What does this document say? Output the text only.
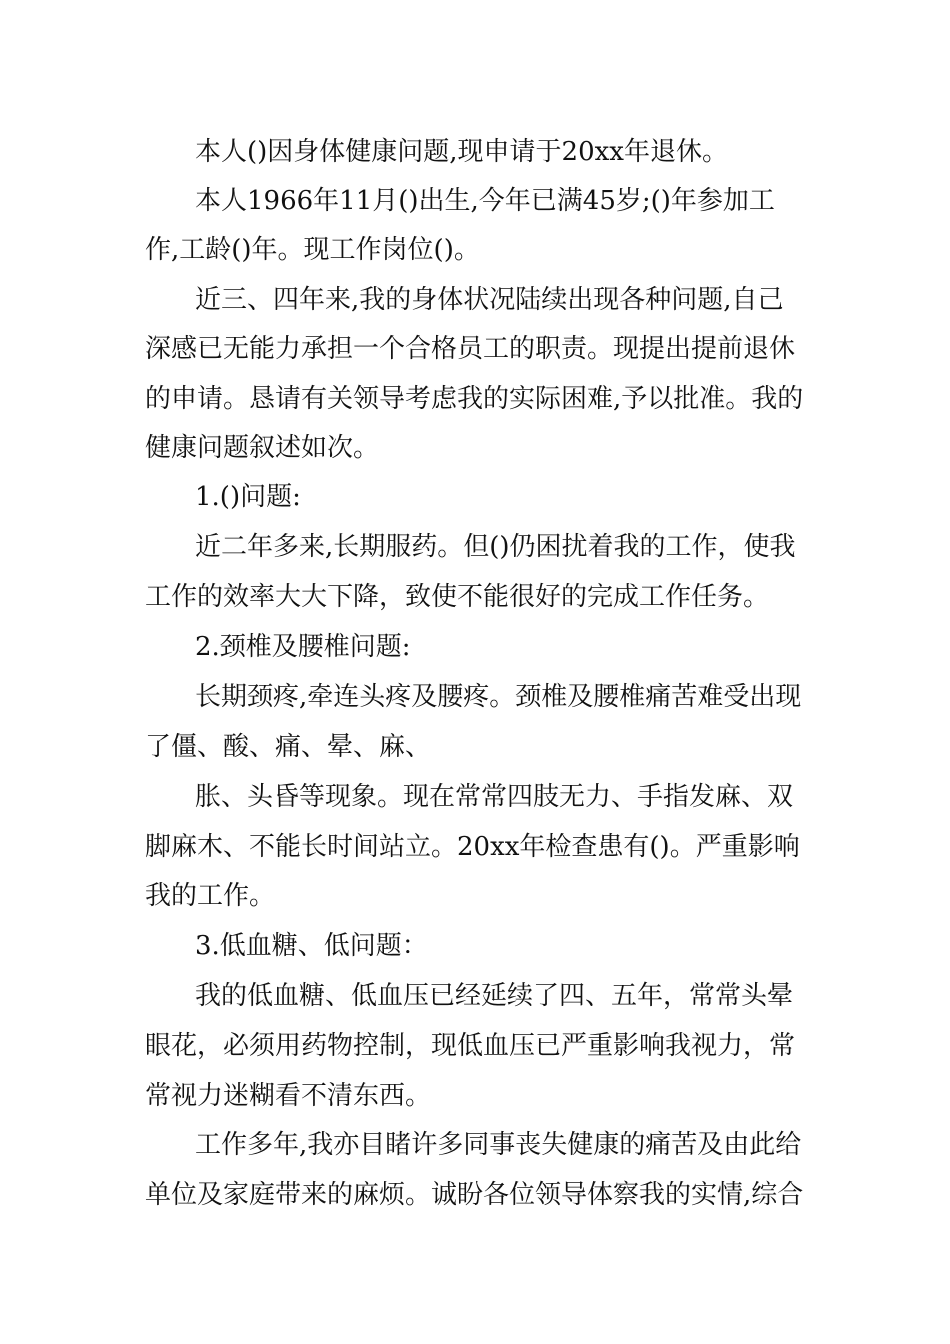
本人()因身体健康问题,现申请于20xx年退休。
本人1966年11月()出生,今年已满45岁;()年参加工
作,工龄()年。现工作岗位()。
近三、四年来,我的身体状况陆续出现各种问题,自己
深感已无能力承担一个合格员工的职责。现提出提前退休
的申请。恳请有关领导考虑我的实际困难,予以批准。我的
健康问题叙述如次。
1.()问题:
近二年多来,长期服药。但()仍困扰着我的工作，使我
工作的效率大大下降，致使不能很好的完成工作任务。
2.颈椎及腰椎问题:
长期颈疼,牵连头疼及腰疼。颈椎及腰椎痛苦难受出现
了僵、酸、痛、晕、麻、
胀、头昏等现象。现在常常四肢无力、手指发麻、双
脚麻木、不能长时间站立。20xx年检查患有()。严重影响
我的工作。
3.低血糖、低问题：
我的低血糖、低血压已经延续了四、五年，常常头晕
眼花，必须用药物控制，现低血压已严重影响我视力，常
常视力迷糊看不清东西。
工作多年,我亦目睹许多同事丧失健康的痛苦及由此给
单位及家庭带来的麻烦。诚盼各位领导体察我的实情,综合
